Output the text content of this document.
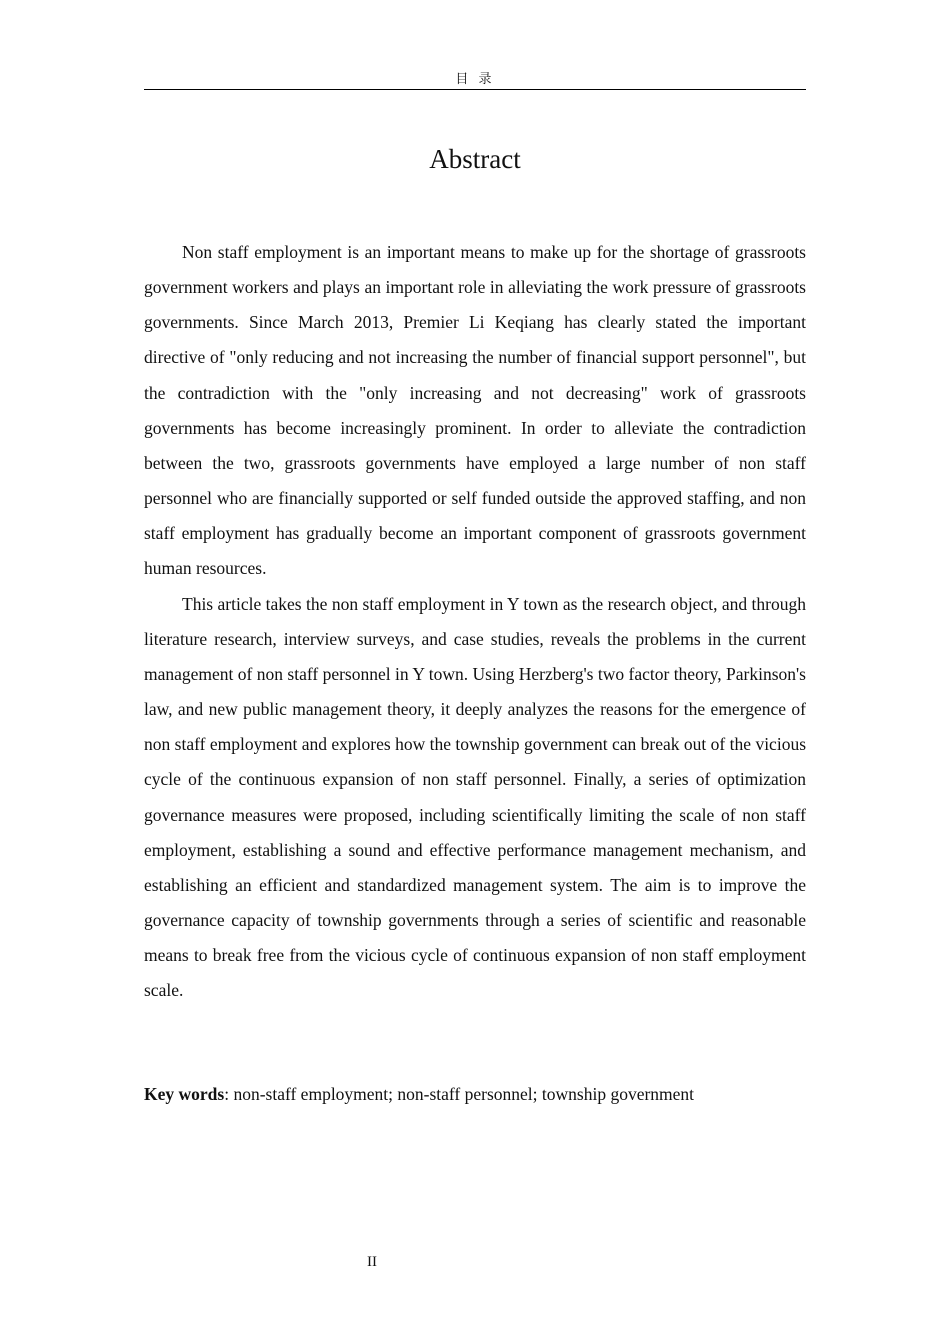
目 录
Abstract

Non staff employment is an important means to make up for the shortage of grassroots government workers and plays an important role in alleviating the work pressure of grassroots governments. Since March 2013, Premier Li Keqiang has clearly stated the important directive of "only reducing and not increasing the number of financial support personnel", but the contradiction with the "only increasing and not decreasing" work of grassroots governments has become increasingly prominent. In order to alleviate the contradiction between the two, grassroots governments have employed a large number of non staff personnel who are financially supported or self funded outside the approved staffing, and non staff employment has gradually become an important component of grassroots government human resources.

This article takes the non staff employment in Y town as the research object, and through literature research, interview surveys, and case studies, reveals the problems in the current management of non staff personnel in Y town. Using Herzberg's two factor theory, Parkinson's law, and new public management theory, it deeply analyzes the reasons for the emergence of non staff employment and explores how the township government can break out of the vicious cycle of the continuous expansion of non staff personnel. Finally, a series of optimization governance measures were proposed, including scientifically limiting the scale of non staff employment, establishing a sound and effective performance management mechanism, and establishing an efficient and standardized management system. The aim is to improve the governance capacity of township governments through a series of scientific and reasonable means to break free from the vicious cycle of continuous expansion of non staff employment scale.

Key words: non-staff employment; non-staff personnel; township government
II
